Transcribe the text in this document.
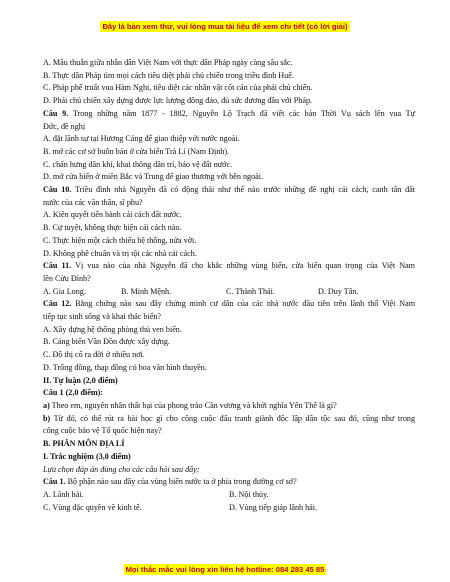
Đây là bản xem thử, vui lòng mua tài liệu để xem chi tiết (có lời giải)
A. Mâu thuẫn giữa nhân dân Việt Nam với thực dân Pháp ngày càng sâu sắc.
B. Thực dân Pháp tìm mọi cách tiêu diệt phái chủ chiến trong triều đình Huế.
C. Pháp phế truất vua Hàm Nghi, tiêu diệt các nhân vật cốt cán của phái chủ chiến.
D. Phái chủ chiến xây dựng được lực lượng đông đảo, đủ sức đương đầu với Pháp.
Câu 9. Trong những năm 1877 - 1882, Nguyễn Lộ Trạch đã viết các bản Thời Vụ sách lên vua Tự
Đức, đề nghị
A. đặt lãnh sự tại Hương Cảng để giao thiệp với nước ngoài.
B. mở các cơ sở buôn bán ở cửa biển Trà Lí (Nam Định).
C. chấn hưng dân khí, khai thông dân trí, bảo vệ đất nước.
D. mở cửa biển ở miền Bắc và Trung để giao thương với bên ngoài.
Câu 10. Triều đình nhà Nguyễn đã có động thái như thế nào trước những đề nghị cải cách, canh tân đất
nước của các văn thân, sĩ phu?
A. Kiên quyết tiến hành cải cách đất nước.
B. Cự tuyệt, không thực hiện cải cách nào.
C. Thực hiện một cách thiếu hệ thống, nửa vời.
D. Không phê chuẩn và trị tội các nhà cải cách.
Câu 11. Vị vua nào của nhà Nguyễn đã cho khắc những vùng biển, cửa biển quan trọng của Việt Nam
lên Cửu Đỉnh?
A. Gia Long.	B. Minh Mệnh.	C. Thành Thái.	D. Duy Tân.
Câu 12. Bằng chứng nào sau đây chứng minh cư dân của các nhà nước đầu tiên trên lãnh thổ Việt Nam
tiếp tục sinh sống và khai thác biển?
A. Xây dựng hệ thống phòng thủ ven biển.
B. Cảng biển Vân Đồn được xây dựng.
C. Đồ thị cổ ra đời ở nhiều nơi.
D. Trống đồng, thạp đồng có hoa văn hình thuyền.
II. Tự luận (2,0 điểm)
Câu 1 (2,0 điểm):
a) Theo em, nguyên nhân thất bại của phong trào Cần vương và khởi nghĩa Yên Thế là gì?
b) Từ đó, có thể rút ra bài học gì cho công cuộc đấu tranh giành độc lập dân tộc sau đó, cũng như trong
công cuộc bảo vệ Tổ quốc hiện nay?
B. PHÂN MÔN ĐỊA LÍ
I. Trắc nghiệm (3,0 điểm)
Lựa chọn đáp án đúng cho các câu hỏi sau đây:
Câu 1. Bộ phận nào sau đây của vùng biển nước ta ở phía trong đường cơ sở?
A. Lãnh hải.	B. Nội thủy.
C. Vùng đặc quyền về kinh tế.	D. Vùng tiếp giáp lãnh hải.
Mọi thắc mắc vui lòng xin liên hệ hotline: 084 283 45 85
